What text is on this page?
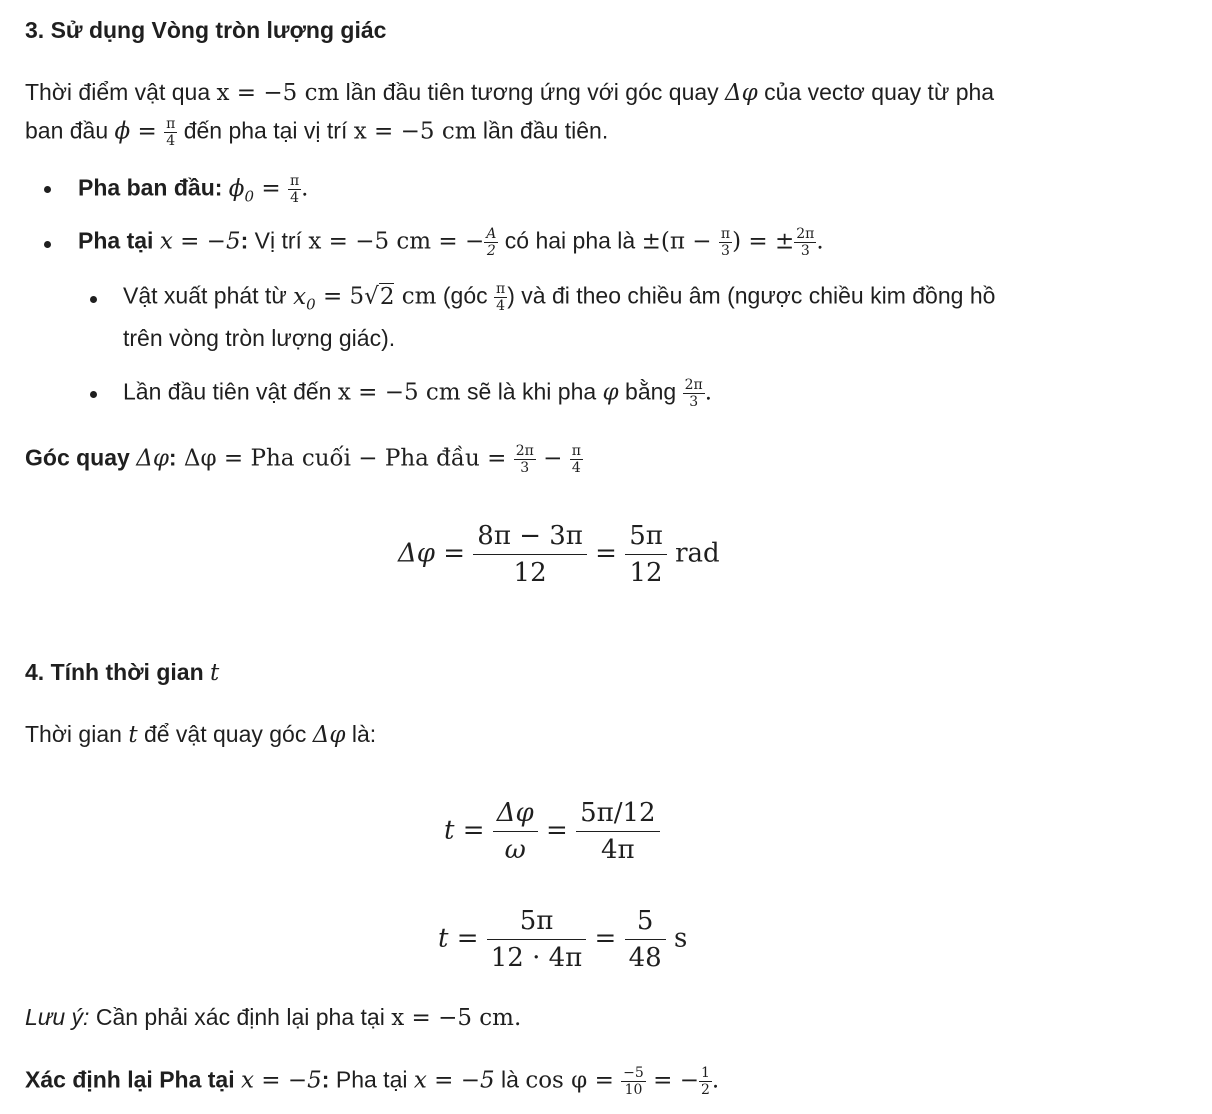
3. Sử dụng Vòng tròn lượng giác
Thời điểm vật qua x = −5 cm lần đầu tiên tương ứng với góc quay Δφ của vectơ quay từ pha
ban đầu $\phi = \frac{\pi}{4}$ đến pha tại vị trí x = −5 cm lần đầu tiên.
Pha ban đầu: $\phi_0 = \frac{\pi}{4}$ .
Pha tại x = −5: Vị trí x = −5 cm = − $\frac{A}{2}$ có hai pha là $\pm(\pi - \frac{\pi}{3}$ ) = ± $\frac{2\pi}{3}$ .
Vật xuất phát từ $x_0 = 5√2$ cm (góc $\frac{\pi}{4}$ ) và đi theo chiều âm (ngược chiều kim đồng hồ
trên vòng tròn lượng giác).
Lần đầu tiên vật đến x = −5 cm sẽ là khi pha φ bằng $\frac{2\pi}{3}$ .
Góc quay Δφ: Δφ = Pha cuối − Pha đầu = $\frac{2\pi}{3} - \frac{\pi}{4}$
$\Delta\varphi = \frac{8\pi - 3\pi}{12} = \frac{5\pi}{12}$ rad
4. Tính thời gian t
Thời gian t để vật quay góc Δφ là:
$t = \frac{\Delta\varphi}{\omega} = \frac{5\pi/12}{4\pi}$
$t = \frac{5\pi}{12 \cdot 4\pi} = \frac{5}{48}$ s
Lưu ý: Cần phải xác định lại pha tại x = −5 cm.
Xác định lại Pha tại x = −5: Pha tại x = −5 là $\cos \varphi = \frac{-5}{10}$ = − $\frac{1}{2}$ .
